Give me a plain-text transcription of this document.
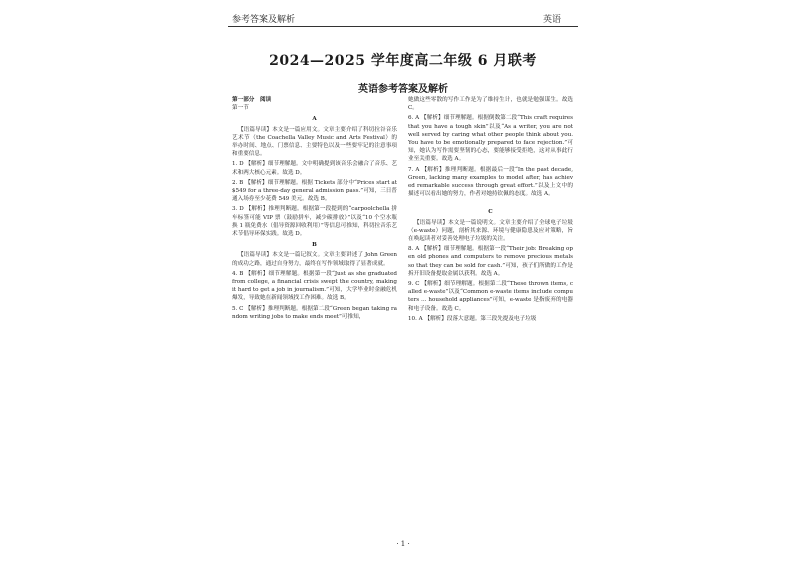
参考答案及解析	英语
2024—2025 学年度高二年级 6 月联考
英语参考答案及解析

第一部分　阅读

第一节

A

【语篇导读】本文是一篇应用文。文章主要介绍了科切拉谷音乐艺术节（the Coachella Valley Music and Arts Festival）的举办时间、地点、门票信息、主要特色以及一些要牢记的注意事项和重要信息。

1. D 【解析】细节理解题。文中明确提到该音乐会融合了音乐、艺术和两大核心元素。故选 D。

2. B 【解析】细节理解题。根据 Tickets 部分中“Prices start at $549 for a three-day general admission pass.”可知，三日普通入场券至少花费 549 美元。故选 B。

3. D 【解析】推理判断题。根据第一段提到的“carpoolchella 拼车标签可能 VIP 票（鼓励拼车，减少碳排放）”以及“10 个空水瓶换 1 瓶免费水（倡导资源回收利用）”等信息可推知，科切拉音乐艺术节倡导环保实践。故选 D。

B

【语篇导读】本文是一篇记叙文。文章主要讲述了 John Green 的成功之路，通过自身努力，最终在写作领域取得了显著成就。

4. B 【解析】细节理解题。根据第一段“Just as she graduated from college, a financial crisis swept the country, making it hard to get a job in journalism.”可知，大学毕业时金融危机爆发，导致她在新闻领域找工作困难。故选 B。

5. C 【解析】推理判断题。根据第二段“Green began taking random writing jobs to make ends meet”可推知，

她做这些零散的写作工作是为了维持生计，也就是勉强谋生。故选 C。

6. A 【解析】细节理解题。根据倒数第二段“This craft requires that you have a tough skin”以及“As a writer, you are not well served by caring what other people think about you. You have to be emotionally prepared to face rejection.”可知，她认为写作需要坚韧的心态，要能够接受拒绝，这对从事此行业至关重要。故选 A。

7. A 【解析】推理判断题。根据最后一段“In the past decade, Green, lacking many examples to model after, has achieved remarkable success through great effort.”以及上文中的描述可以看出她的努力，作者对她持钦佩的态度。故选 A。

C

【语篇导读】本文是一篇说明文。文章主要介绍了全球电子垃圾（e-waste）问题，剖析其来源、环境与健康隐患及应对策略，旨在唤起读者对妥善处理电子垃圾的关注。

8. A 【解析】细节理解题。根据第一段“Their job: Breaking open old phones and computers to remove precious metals so that they can be sold for cash.”可知，孩子们所做的工作是拆开旧设备提取金属以获利。故选 A。

9. C 【解析】细节理解题。根据第二段“These thrown items, called e-waste”以及“Common e-waste items include computers … household appliances”可知，e-waste 是指废弃的电器和电子设备。故选 C。

10. A 【解析】段落大意题。第三段先提及电子垃圾

· 1 ·
